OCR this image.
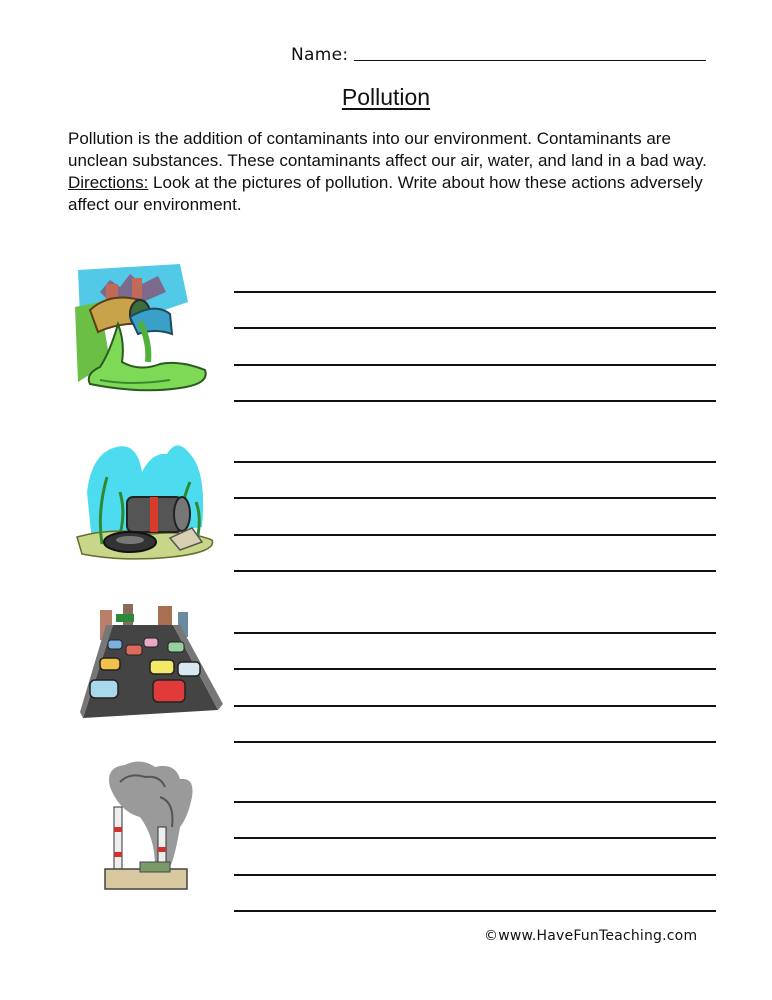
Name:
Pollution

Pollution is the addition of contaminants into our environment. Contaminants are unclean substances. These contaminants affect our air, water, and land in a bad way.

Directions: Look at the pictures of pollution. Write about how these actions adversely affect our environment.

©www.HaveFunTeaching.com
